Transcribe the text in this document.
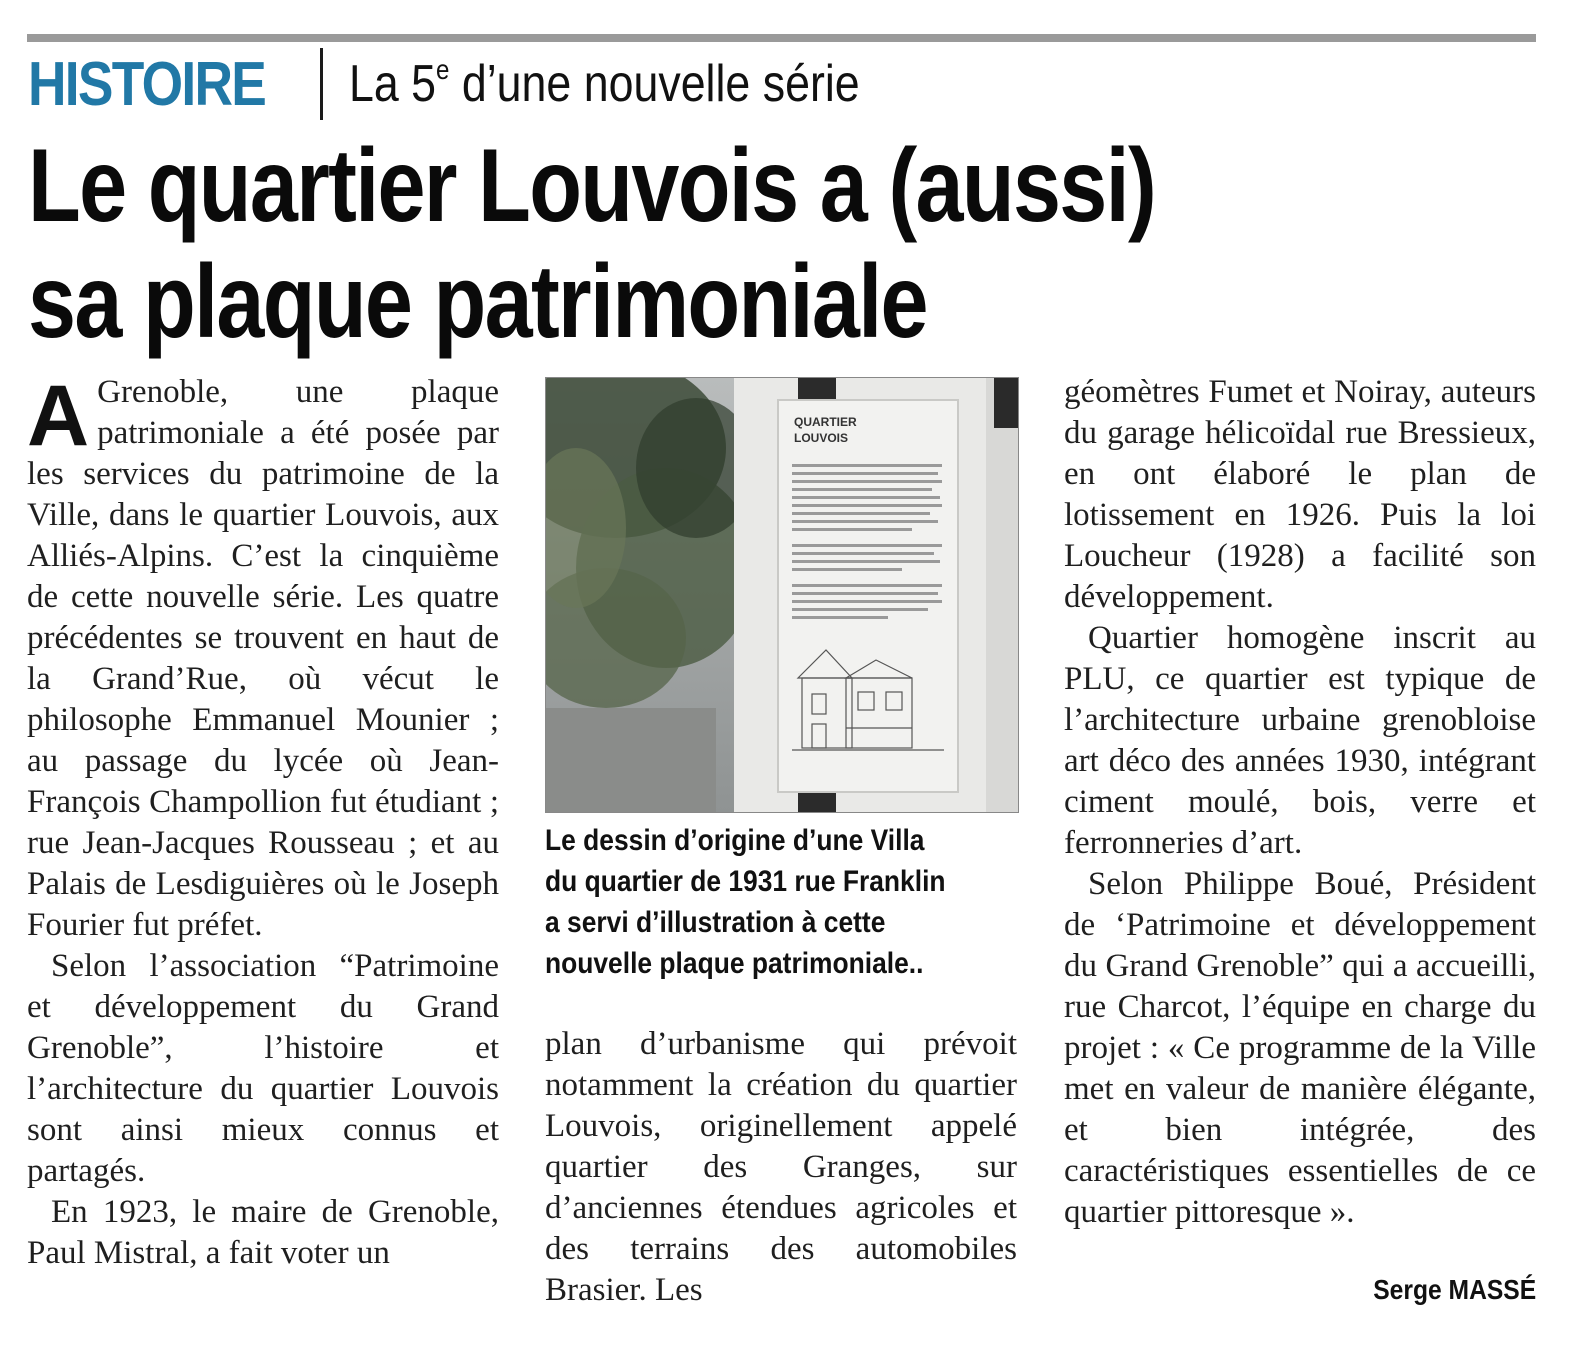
HISTOIRE La 5e d’une nouvelle série
Le quartier Louvois a (aussi)
sa plaque patrimoniale

A Grenoble, une plaque patrimoniale a été posée par les services du patrimoine de la Ville, dans le quartier Louvois, aux Alliés-Alpins. C’est la cinquième de cette nouvelle série. Les quatre précédentes se trouvent en haut de la Grand’Rue, où vécut le philosophe Emmanuel Mounier ; au passage du lycée où Jean-François Champollion fut étudiant ; rue Jean-Jacques Rousseau ; et au Palais de Lesdiguières où le Joseph Fourier fut préfet.

Selon l’association “Patrimoine et développement du Grand Grenoble”, l’histoire et l’architecture du quartier Louvois sont ainsi mieux connus et partagés.

En 1923, le maire de Grenoble, Paul Mistral, a fait voter un

QUARTIER
LOUVOIS
Le dessin d’origine d’une Villa
du quartier de 1931 rue Franklin
a servi d’illustration à cette
nouvelle plaque patrimoniale..

plan d’urbanisme qui prévoit notamment la création du quartier Louvois, originellement appelé quartier des Granges, sur d’anciennes étendues agricoles et des terrains des automobiles Brasier. Les

géomètres Fumet et Noiray, auteurs du garage hélicoïdal rue Bressieux, en ont élaboré le plan de lotissement en 1926. Puis la loi Loucheur (1928) a facilité son développement.

Quartier homogène inscrit au PLU, ce quartier est typique de l’architecture urbaine grenobloise art déco des années 1930, intégrant ciment moulé, bois, verre et ferronneries d’art.

Selon Philippe Boué, Président de ‘Patrimoine et développement du Grand Grenoble” qui a accueilli, rue Charcot, l’équipe en charge du projet : « Ce programme de la Ville met en valeur de manière élégante, et bien intégrée, des caractéristiques essentielles de ce quartier pittoresque ».

Serge MASSÉ
